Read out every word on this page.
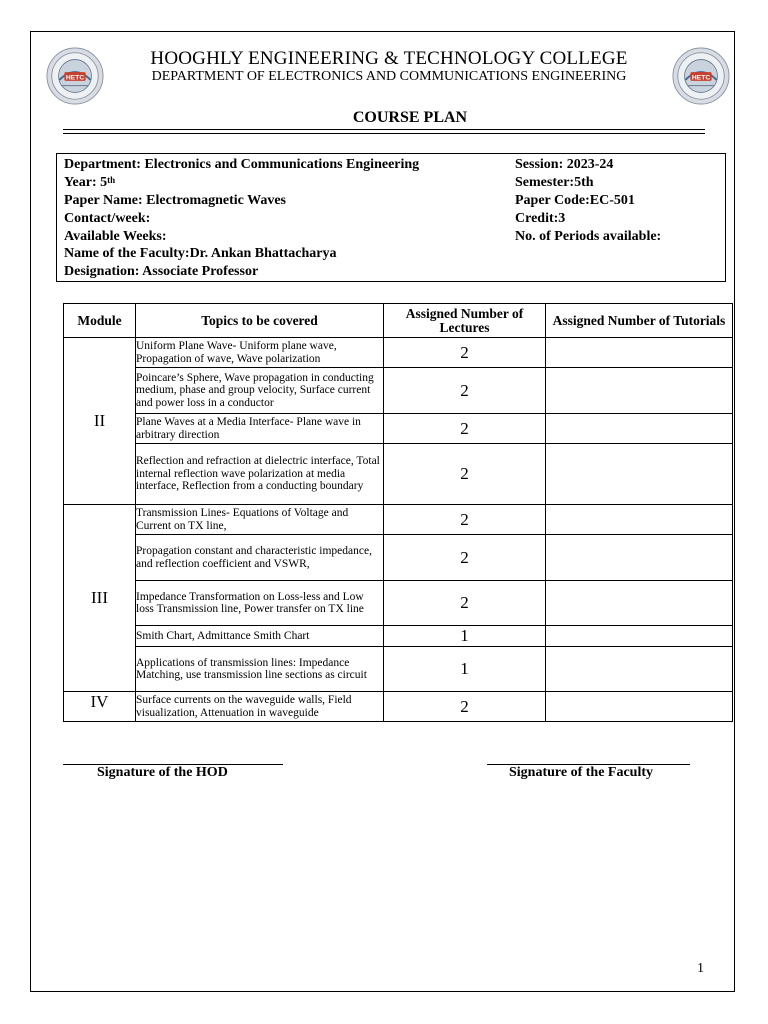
HETC	HETC
HOOGHLY ENGINEERING & TECHNOLOGY COLLEGE
DEPARTMENT OF ELECTRONICS AND COMMUNICATIONS ENGINEERING
COURSE PLAN
Department: Electronics and Communications Engineering
Year: 5th
Paper Name: Electromagnetic Waves
Contact/week:
Available Weeks:
Name of the Faculty:Dr. Ankan Bhattacharya
Designation: Associate Professor
Session: 2023-24
Semester:5th
Paper Code:EC-501
Credit:3
No. of Periods available:
Module	Topics to be covered	Assigned Number of Lectures	Assigned Number of Tutorials
II	Uniform Plane Wave- Uniform plane wave, Propagation of wave, Wave polarization	2	
	Poincare’s Sphere, Wave propagation in conducting medium, phase and group velocity, Surface current and power loss in a conductor	2	
	Plane Waves at a Media Interface- Plane wave in arbitrary direction	2	
	Reflection and refraction at dielectric interface, Total internal reflection wave polarization at media interface, Reflection from a conducting boundary	2	
III	Transmission Lines- Equations of Voltage and Current on TX line,	2	
	Propagation constant and characteristic impedance, and reflection coefficient and VSWR,	2	
	Impedance Transformation on Loss-less and Low loss Transmission line, Power transfer on TX line	2	
	Smith Chart, Admittance Smith Chart	1	
	Applications of transmission lines: Impedance Matching, use transmission line sections as circuit	1	
IV	Surface currents on the waveguide walls, Field visualization, Attenuation in waveguide	2	
Signature of the HOD	Signature of the Faculty
1
